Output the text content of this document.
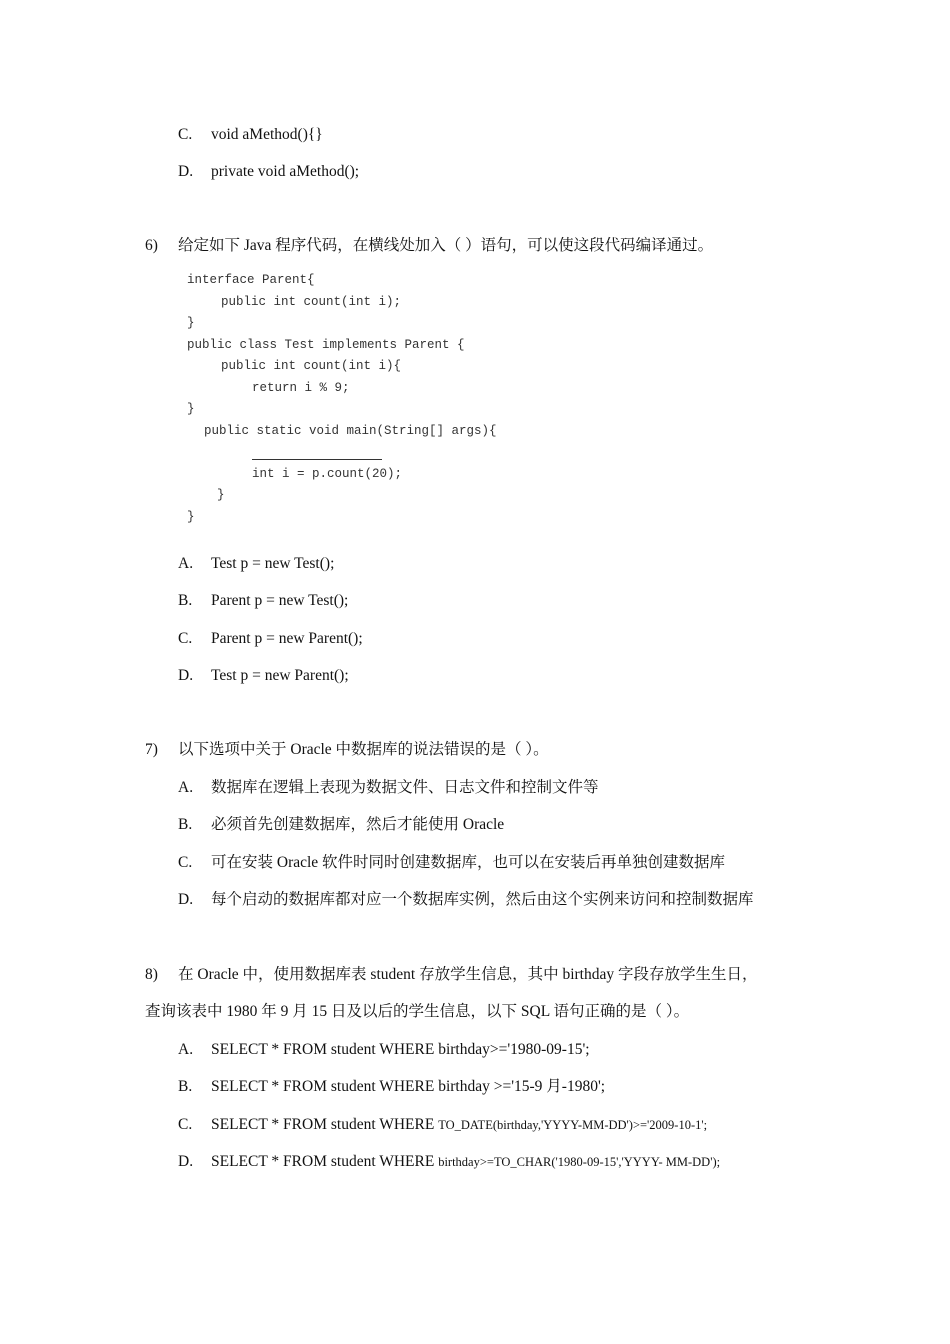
C. void aMethod(){}
D. private void aMethod();
6) 给定如下 Java 程序代码，在横线处加入（ ）语句，可以使这段代码编译通过。
interface Parent{
public int count(int i);
}
public class Test implements Parent {
public int count(int i){
return i % 9;
}
public static void main(String[] args){
int i = p.count(20);
}
}
A. Test p = new Test();
B. Parent p = new Test();
C. Parent p = new Parent();
D. Test p = new Parent();
7) 以下选项中关于 Oracle 中数据库的说法错误的是（ ）。
A. 数据库在逻辑上表现为数据文件、日志文件和控制文件等
B. 必须首先创建数据库，然后才能使用 Oracle
C. 可在安装 Oracle 软件时同时创建数据库，也可以在安装后再单独创建数据库
D. 每个启动的数据库都对应一个数据库实例，然后由这个实例来访问和控制数据库
8) 在 Oracle 中，使用数据库表 student 存放学生信息，其中 birthday 字段存放学生生日，
查询该表中 1980 年 9 月 15 日及以后的学生信息，以下 SQL 语句正确的是（ ）。
A. SELECT * FROM student WHERE birthday>='1980-09-15';
B. SELECT * FROM student WHERE birthday >='15-9 月-1980';
C. SELECT * FROM student WHERE TO_DATE(birthday,'YYYY-MM-DD')>='2009-10-1';
D. SELECT * FROM student WHERE birthday>=TO_CHAR('1980-09-15','YYYY- MM-DD');
